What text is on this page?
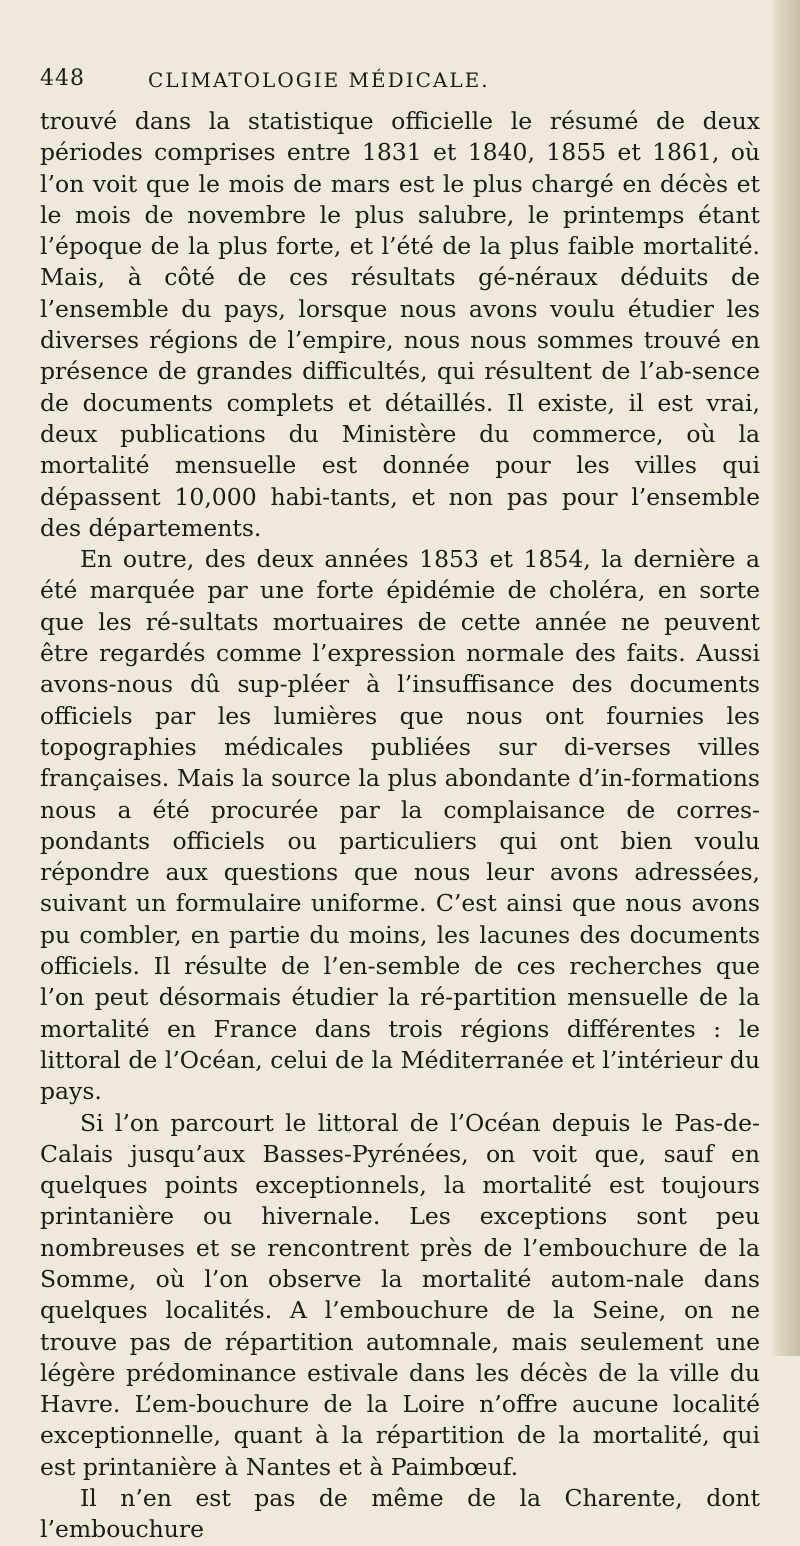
448	CLIMATOLOGIE MÉDICALE.

trouvé dans la statistique officielle le résumé de deux périodes comprises entre 1831 et 1840, 1855 et 1861, où l’on voit que le mois de mars est le plus chargé en décès et le mois de novembre le plus salubre, le printemps étant l’époque de la plus forte, et l’été de la plus faible mortalité. Mais, à côté de ces résultats gé-néraux déduits de l’ensemble du pays, lorsque nous avons voulu étudier les diverses régions de l’empire, nous nous sommes trouvé en présence de grandes difficultés, qui résultent de l’ab-sence de documents complets et détaillés. Il existe, il est vrai, deux publications du Ministère du commerce, où la mortalité mensuelle est donnée pour les villes qui dépassent 10,000 habi-tants, et non pas pour l’ensemble des départements.

En outre, des deux années 1853 et 1854, la dernière a été marquée par une forte épidémie de choléra, en sorte que les ré-sultats mortuaires de cette année ne peuvent être regardés comme l’expression normale des faits. Aussi avons-nous dû sup-pléer à l’insuffisance des documents officiels par les lumières que nous ont fournies les topographies médicales publiées sur di-verses villes françaises. Mais la source la plus abondante d’in-formations nous a été procurée par la complaisance de corres-pondants officiels ou particuliers qui ont bien voulu répondre aux questions que nous leur avons adressées, suivant un formulaire uniforme. C’est ainsi que nous avons pu combler, en partie du moins, les lacunes des documents officiels. Il résulte de l’en-semble de ces recherches que l’on peut désormais étudier la ré-partition mensuelle de la mortalité en France dans trois régions différentes : le littoral de l’Océan, celui de la Méditerranée et l’intérieur du pays.

Si l’on parcourt le littoral de l’Océan depuis le Pas-de-Calais jusqu’aux Basses-Pyrénées, on voit que, sauf en quelques points exceptionnels, la mortalité est toujours printanière ou hivernale. Les exceptions sont peu nombreuses et se rencontrent près de l’embouchure de la Somme, où l’on observe la mortalité autom-nale dans quelques localités. A l’embouchure de la Seine, on ne trouve pas de répartition automnale, mais seulement une légère prédominance estivale dans les décès de la ville du Havre. L’em-bouchure de la Loire n’offre aucune localité exceptionnelle, quant à la répartition de la mortalité, qui est printanière à Nantes et à Paimbœuf.

Il n’en est pas de même de la Charente, dont l’embouchure
